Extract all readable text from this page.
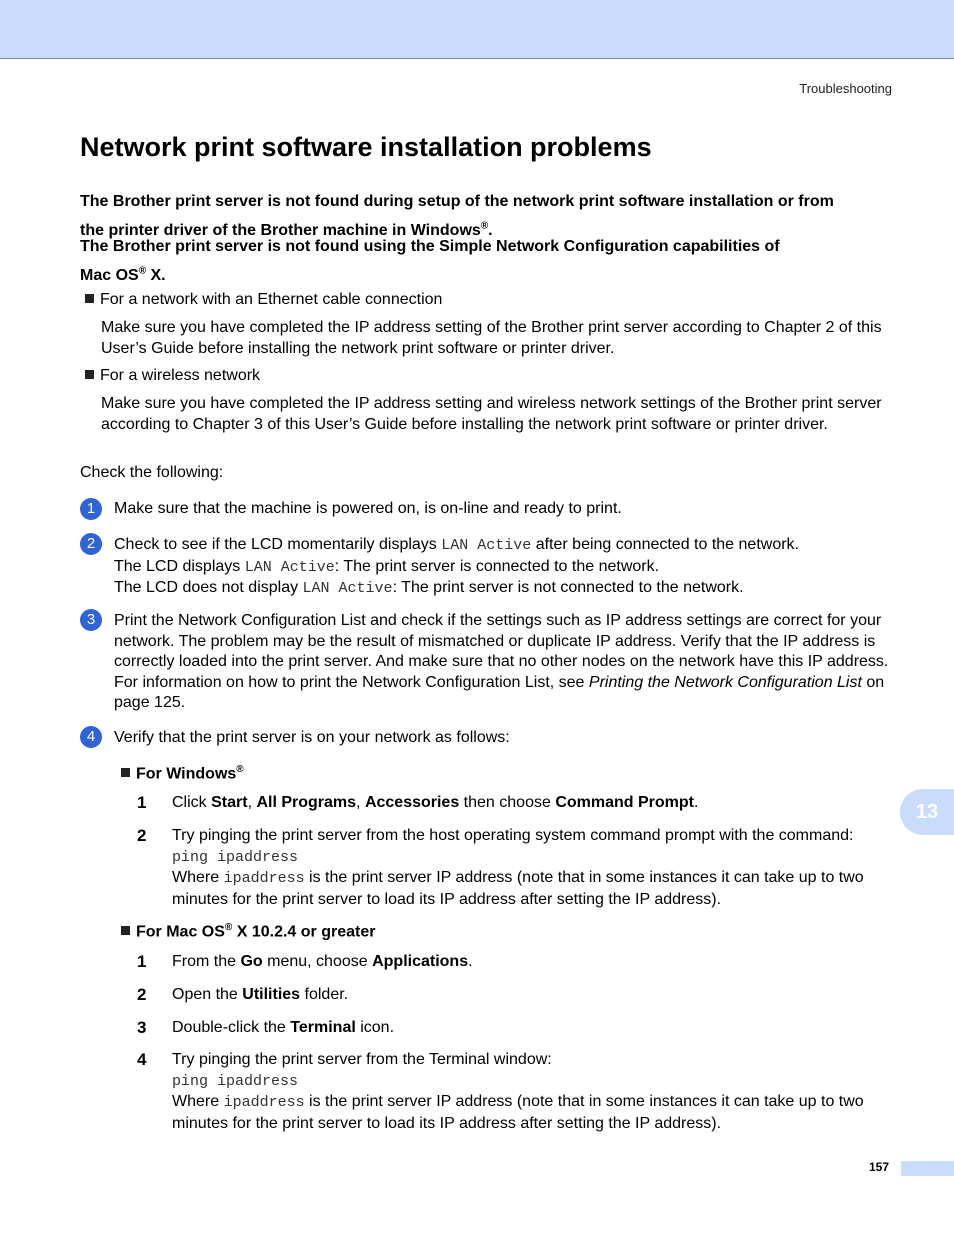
Troubleshooting
Network print software installation problems
The Brother print server is not found during setup of the network print software installation or from
the printer driver of the Brother machine in Windows®.
The Brother print server is not found using the Simple Network Configuration capabilities of
Mac OS® X.
For a network with an Ethernet cable connection
Make sure you have completed the IP address setting of the Brother print server according to Chapter 2 of this User’s Guide before installing the network print software or printer driver.
For a wireless network
Make sure you have completed the IP address setting and wireless network settings of the Brother print server according to Chapter 3 of this User’s Guide before installing the network print software or printer driver.
Check the following:
1	Make sure that the machine is powered on, is on-line and ready to print.
2	Check to see if the LCD momentarily displays LAN Active after being connected to the network.
The LCD displays LAN Active: The print server is connected to the network.
The LCD does not display LAN Active: The print server is not connected to the network.
3	Print the Network Configuration List and check if the settings such as IP address settings are correct for your network. The problem may be the result of mismatched or duplicate IP address. Verify that the IP address is correctly loaded into the print server. And make sure that no other nodes on the network have this IP address. For information on how to print the Network Configuration List, see Printing the Network Configuration List on page 125.
4	Verify that the print server is on your network as follows:
For Windows®
1 Click Start, All Programs, Accessories then choose Command Prompt.
2 Try pinging the print server from the host operating system command prompt with the command:
ping ipaddress
Where ipaddress is the print server IP address (note that in some instances it can take up to two minutes for the print server to load its IP address after setting the IP address).
For Mac OS® X 10.2.4 or greater
1 From the Go menu, choose Applications.
2 Open the Utilities folder.
3 Double-click the Terminal icon.
4 Try pinging the print server from the Terminal window:
ping ipaddress
Where ipaddress is the print server IP address (note that in some instances it can take up to two minutes for the print server to load its IP address after setting the IP address).
13
157
